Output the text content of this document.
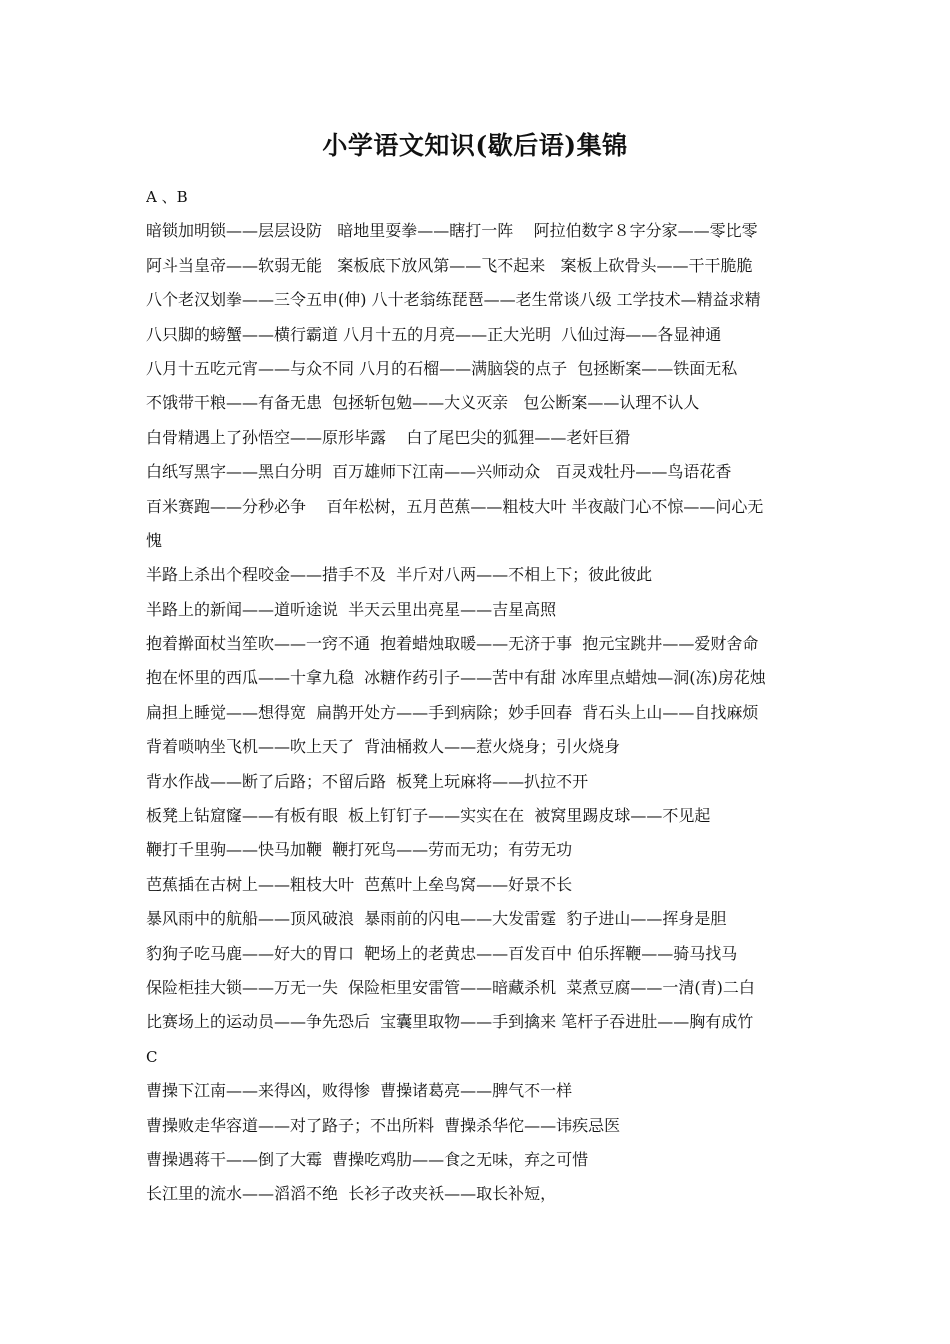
小学语文知识(歇后语)集锦
A 、B
暗锁加明锁——层层设防   暗地里耍拳——瞎打一阵    阿拉伯数字８字分家——零比零
阿斗当皇帝——软弱无能   案板底下放风第——飞不起来   案板上砍骨头——干干脆脆
八个老汉划拳——三令五申(伸) 八十老翁练琵琶——老生常谈八级 工学技术—精益求精
八只脚的螃蟹——横行霸道 八月十五的月亮——正大光明  八仙过海——各显神通
八月十五吃元宵——与众不同 八月的石榴——满脑袋的点子  包拯断案——铁面无私
不饿带干粮——有备无患  包拯斩包勉——大义灭亲   包公断案——认理不认人
白骨精遇上了孙悟空——原形毕露    白了尾巴尖的狐狸——老奸巨猾
白纸写黑字——黑白分明  百万雄师下江南——兴师动众   百灵戏牡丹——鸟语花香
百米赛跑——分秒必争    百年松树，五月芭蕉——粗枝大叶 半夜敲门心不惊——问心无
愧
半路上杀出个程咬金——措手不及  半斤对八两——不相上下；彼此彼此
半路上的新闻——道听途说  半天云里出亮星——吉星高照
抱着擀面杖当笙吹——一窍不通  抱着蜡烛取暖——无济于事  抱元宝跳井——爱财舍命
抱在怀里的西瓜——十拿九稳  冰糖作药引子——苦中有甜 冰库里点蜡烛—洞(冻)房花烛
扁担上睡觉——想得宽  扁鹊开处方——手到病除；妙手回春  背石头上山——自找麻烦
背着唢呐坐飞机——吹上天了  背油桶救人——惹火烧身；引火烧身
背水作战——断了后路；不留后路  板凳上玩麻将——扒拉不开
板凳上钻窟窿——有板有眼  板上钉钉子——实实在在  被窝里踢皮球——不见起
鞭打千里驹——快马加鞭  鞭打死鸟——劳而无功；有劳无功
芭蕉插在古树上——粗枝大叶  芭蕉叶上垒鸟窝——好景不长
暴风雨中的航船——顶风破浪  暴雨前的闪电——大发雷霆  豹子进山——挥身是胆
豹狗子吃马鹿——好大的胃口  靶场上的老黄忠——百发百中 伯乐挥鞭——骑马找马
保险柜挂大锁——万无一失  保险柜里安雷管——暗藏杀机  菜煮豆腐——一清(青)二白
比赛场上的运动员——争先恐后  宝囊里取物——手到擒来 笔杆子吞进肚——胸有成竹
C
曹操下江南——来得凶，败得惨  曹操诸葛亮——脾气不一样
曹操败走华容道——对了路子；不出所料  曹操杀华佗——讳疾忌医
曹操遇蒋干——倒了大霉  曹操吃鸡肋——食之无味，弃之可惜
长江里的流水——滔滔不绝  长衫子改夹袄——取长补短，
